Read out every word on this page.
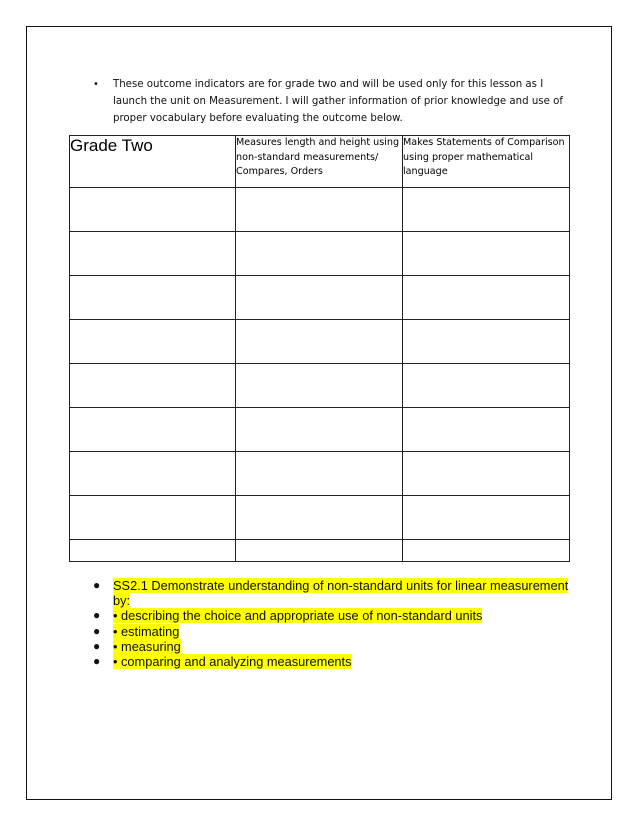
• These outcome indicators are for grade two and will be used only for this lesson as I launch the unit on Measurement. I will gather information of prior knowledge and use of proper vocabulary before evaluating the outcome below.
Grade Two	Measures length and height using non-standard measurements/ Compares, Orders	Makes Statements of Comparison using proper mathematical language

● SS2.1 Demonstrate understanding of non-standard units for linear measurement by:
● • describing the choice and appropriate use of non-standard units
● • estimating
● • measuring
● • comparing and analyzing measurements
